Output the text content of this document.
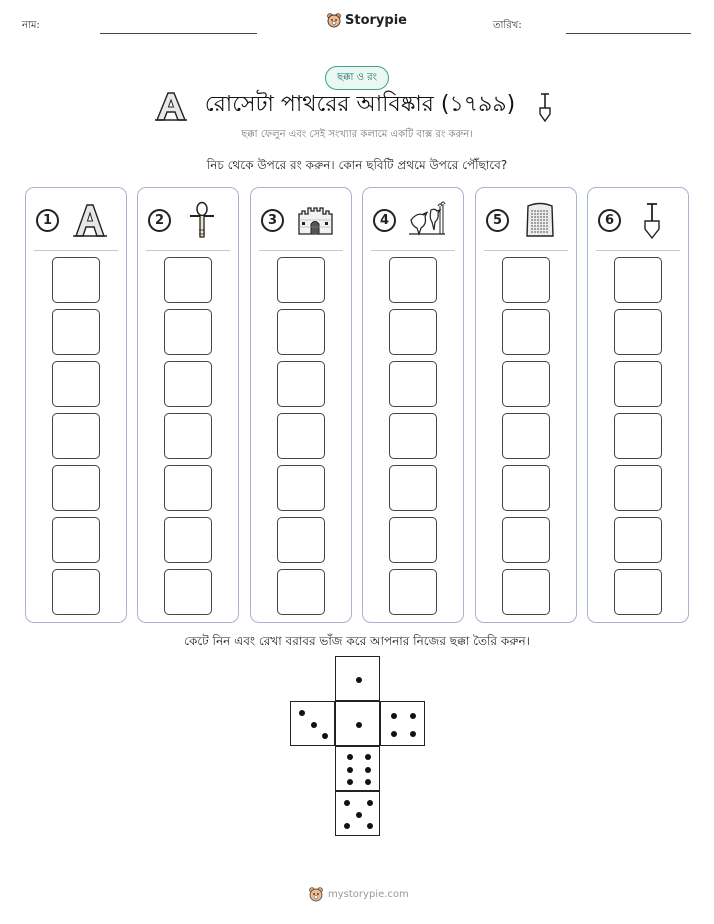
নাম:	Storypie	তারিখ:
ছক্কা ও রং
রোসেটা পাথরের আবিষ্কার (১৭৯৯)
ছক্কা ফেলুন এবং সেই সংখ্যার কলামে একটি বাক্স রং করুন।
নিচ থেকে উপরে রং করুন। কোন ছবিটি প্রথমে উপরে পৌঁছাবে?
1	2	3	4	5	6
কেটে নিন এবং রেখা বরাবর ভাঁজ করে আপনার নিজের ছক্কা তৈরি করুন।
mystorypie.com
